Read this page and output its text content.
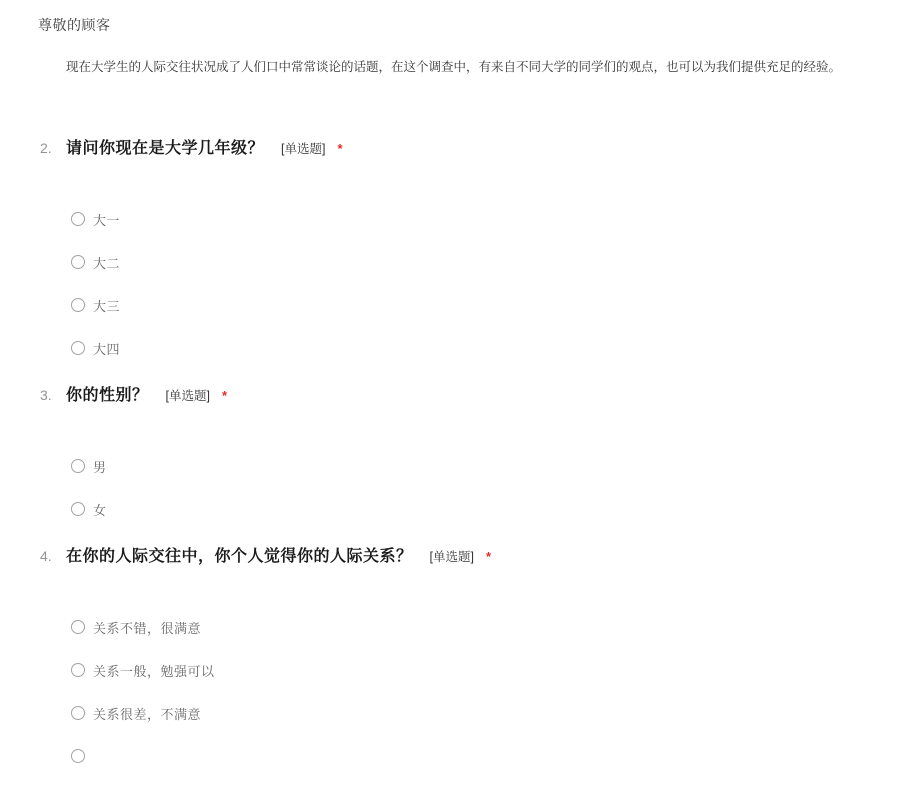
尊敬的顾客
现在大学生的人际交往状况成了人们口中常常谈论的话题，在这个调查中，有来自不同大学的同学们的观点，也可以为我们提供充足的经验。
2. 请问你现在是大学几年级？ [单选题] *
大一
大二
大三
大四
3. 你的性别？ [单选题] *
男
女
4. 在你的人际交往中，你个人觉得你的人际关系？ [单选题] *
关系不错，很满意
关系一般，勉强可以
关系很差，不满意
